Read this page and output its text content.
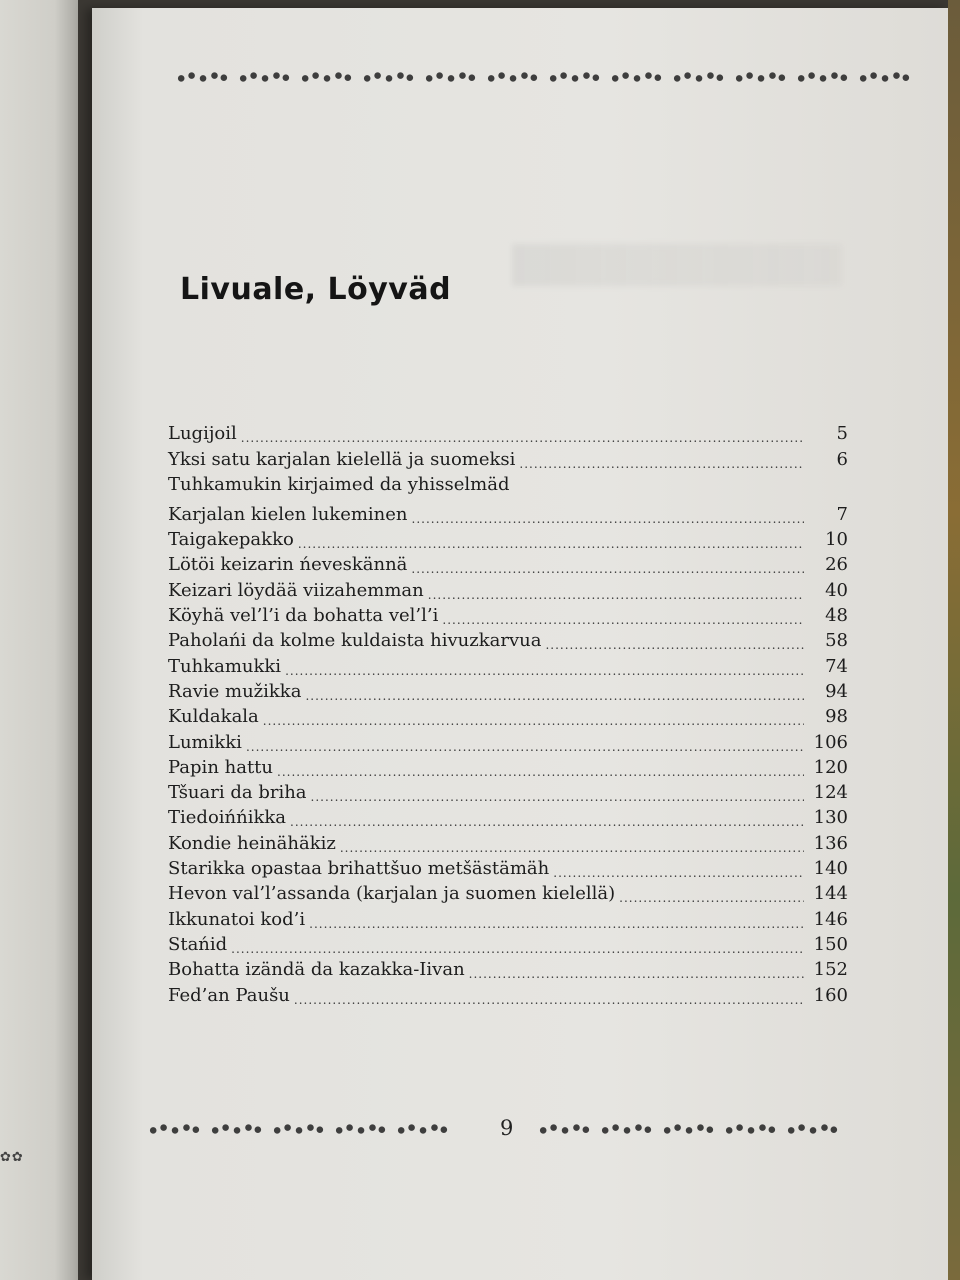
✿✿
Livuale, Löyväd
Lugijoil .....	5
Yksi satu karjalan kielellä ja suomeksi .....	6
Tuhkamukin kirjaimed da yhisselmäd
Karjalan kielen lukeminen .....	7
Taigakepakko .....	10
Lötöi keizarin ńeveskännä .....	26
Keizari löydää viizahemman .....	40
Köyhä vel’l’i da bohatta vel’l’i .....	48
Paholańi da kolme kuldaista hivuzkarvua .....	58
Tuhkamukki .....	74
Ravie mužikka .....	94
Kuldakala .....	98
Lumikki .....	106
Papin hattu .....	120
Tšuari da briha .....	124
Tiedoińńikka .....	130
Kondie heinähäkiz .....	136
Starikka opastaa brihattšuo metšästämäh .....	140
Hevon val’l’assanda (karjalan ja suomen kielellä) .....	144
Ikkunatoi kod’i .....	146
Stańid .....	150
Bohatta izändä da kazakka-Iivan .....	152
Fed’an Paušu .....	160
9
